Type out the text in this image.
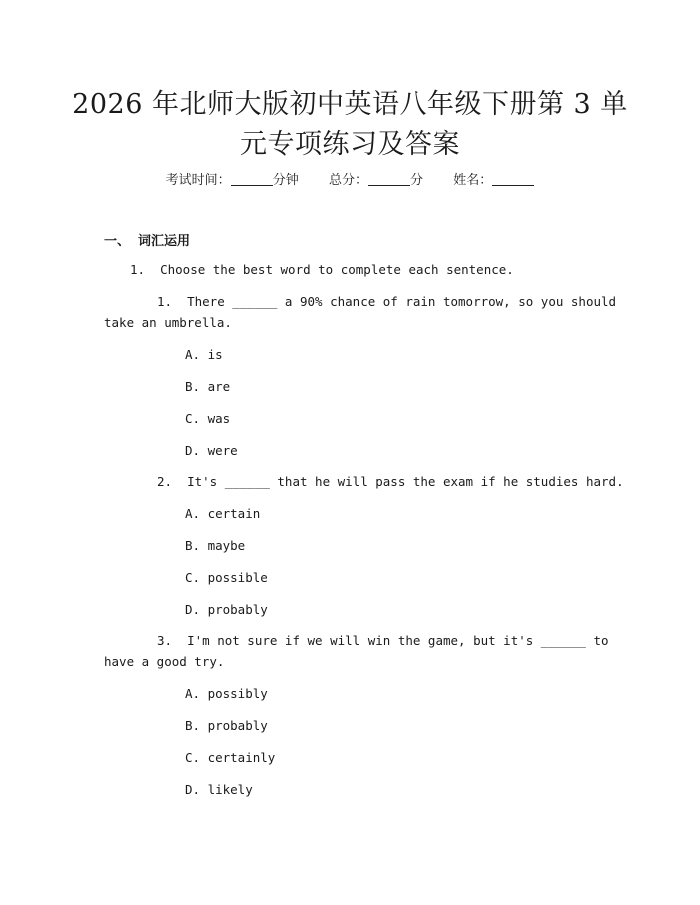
2026 年北师大版初中英语八年级下册第 3 单
元专项练习及答案
考试时间：	分钟 总分：	分 姓名：
一、 词汇运用
1.  Choose the best word to complete each sentence.
1.  There ______ a 90% chance of rain tomorrow, so you should
take an umbrella.
A. is
B. are
C. was
D. were
2.  It's ______ that he will pass the exam if he studies hard.
A. certain
B. maybe
C. possible
D. probably
3.  I'm not sure if we will win the game, but it's ______ to
have a good try.
A. possibly
B. probably
C. certainly
D. likely
